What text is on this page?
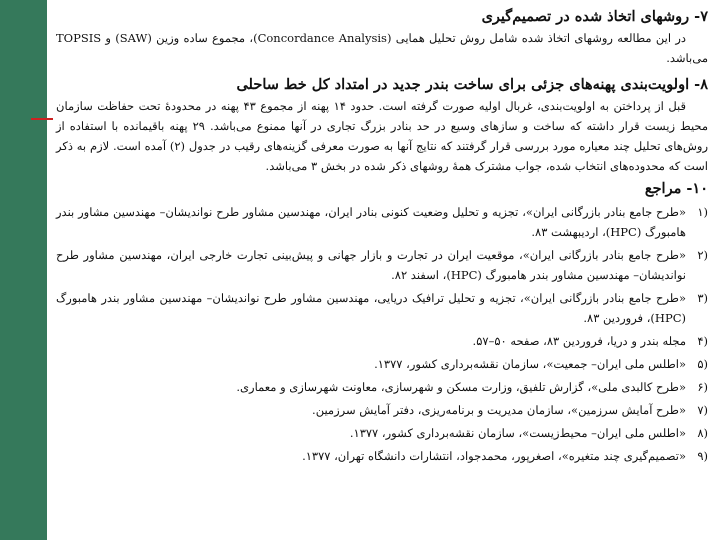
۷- روشهای اتخاذ شده در تصمیم‌گیری

در این مطالعه روشهای اتخاذ شده شامل روش تحلیل همایی (Concordance Analysis)، مجموع ساده وزین (SAW) و TOPSIS می‌باشد.

۸- اولویت‌بندی پهنه‌های جزئی برای ساخت بندر جدید در امتداد کل خط ساحلی

قبل از پرداختن به اولویت‌بندی، غربال اولیه صورت گرفته است. حدود ۱۴ پهنه از مجموع ۴۳ پهنه در محدودهٔ تحت حفاظت سازمان محیط زیست قرار داشته که ساخت و سازهای وسیع در حد بنادر بزرگ تجاری در آنها ممنوع می‌باشد. ۲۹ پهنه باقیمانده با استفاده از روش‌های تحلیل چند معیاره مورد بررسی قرار گرفتند که نتایج آنها به صورت معرفی گزینه‌های رقیب در جدول (۲) آمده است. لازم به ذکر است که محدوده‌های انتخاب شده، جواب مشترک همهٔ روشهای ذکر شده در بخش ۳ می‌باشد.

۱۰- مراجع
(۱
«طرح جامع بنادر بازرگانی ایران»، تجزیه و تحلیل وضعیت کنونی بنادر ایران، مهندسین مشاور طرح نوانديشان– مهندسین مشاور بندر هامبورگ (HPC)، اردیبهشت ۸۳.
(۲
«طرح جامع بنادر بازرگانی ایران»، موقعیت ایران در تجارت و بازار جهانی و پیش‌بینی تجارت خارجی ایران، مهندسین مشاور طرح نوانديشان– مهندسین مشاور بندر هامبورگ (HPC)، اسفند ۸۲.
(۳
«طرح جامع بنادر بازرگانی ایران»، تجزیه و تحلیل ترافیک دریایی، مهندسین مشاور طرح نوانديشان– مهندسین مشاور بندر هامبورگ (HPC)، فروردین ۸۳.
(۴
مجله بندر و دریا، فروردین ۸۳، صفحه ۵۰–۵۷.
(۵
«اطلس ملی ایران– جمعیت»، سازمان نقشه‌برداری کشور، ۱۳۷۷.
(۶
«طرح کالبدی ملی»، گزارش تلفیق، وزارت مسکن و شهرسازی، معاونت شهرسازی و معماری.
(۷
«طرح آمایش سرزمین»، سازمان مدیریت و برنامه‌ریزی، دفتر آمایش سرزمین.
(۸
«اطلس ملی ایران– محیط‌زیست»، سازمان نقشه‌برداری کشور، ۱۳۷۷.
(۹
«تصمیم‌گیری چند متغیره»، اصغرپور، محمدجواد، انتشارات دانشگاه تهران، ۱۳۷۷.
